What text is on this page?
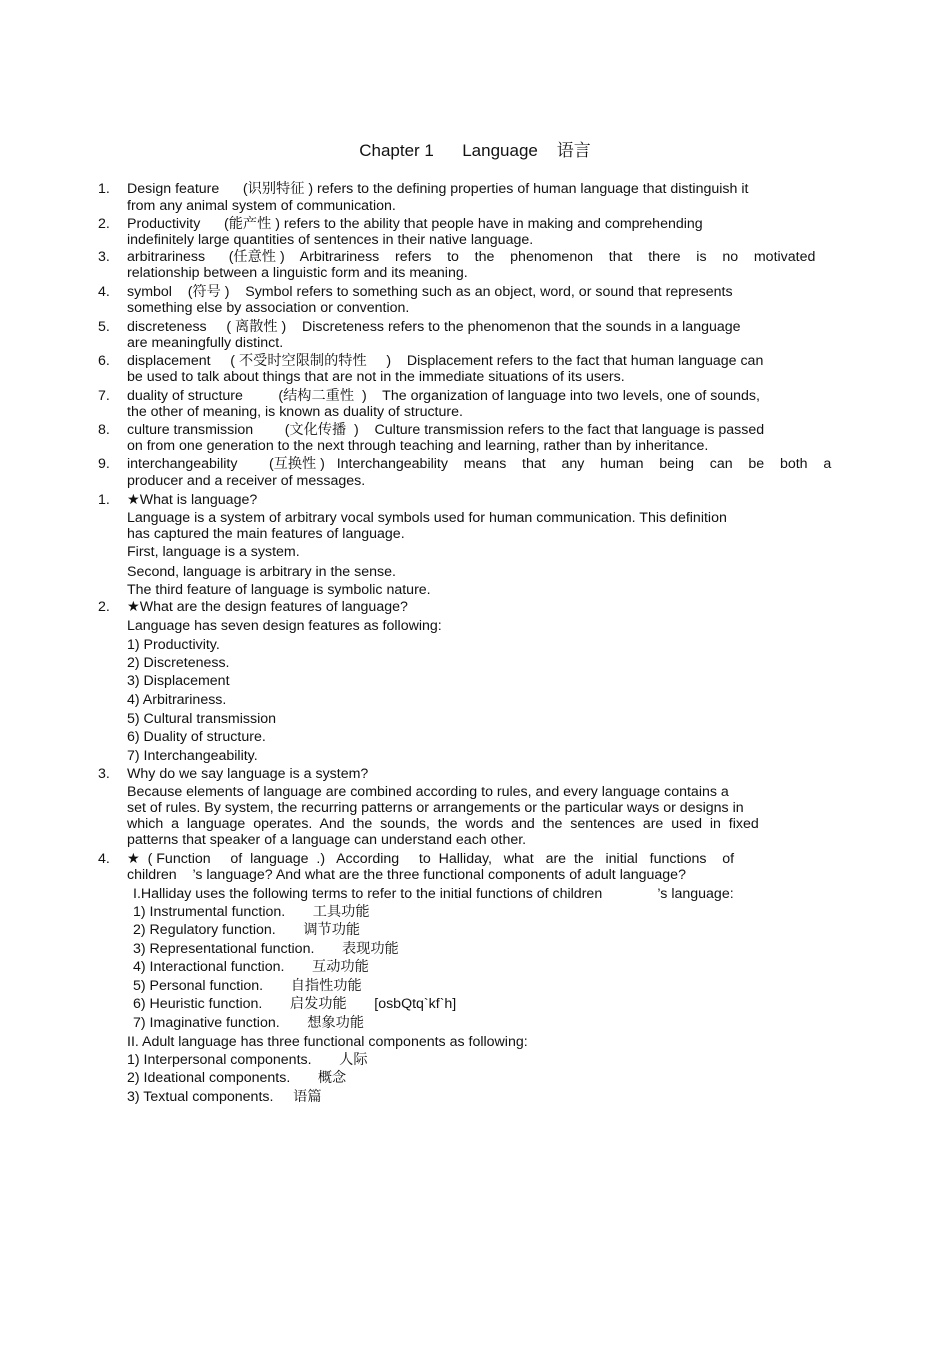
Chapter 1      Language    语言
1. Design feature      (识别特征 ) refers to the defining properties of human language that distinguish it
from any animal system of communication.
2. Productivity      (能产性 ) refers to the ability that people have in making and comprehending
indefinitely large quantities of sentences in their native language.
3. arbitrariness      (任意性 )    Arbitrariness    refers    to    the    phenomenon    that    there    is    no    motivated
relationship between a linguistic form and its meaning.
4. symbol    (符号 )    Symbol refers to something such as an object, word, or sound that represents
something else by association or convention.
5. discreteness     ( 离散性 )    Discreteness refers to the phenomenon that the sounds in a language
are meaningfully distinct.
6. displacement     ( 不受时空限制的特性     )    Displacement refers to the fact that human language can
be used to talk about things that are not in the immediate situations of its users.
7. duality of structure         (结构二重性  )    The organization of language into two levels, one of sounds,
the other of meaning, is known as duality of structure.
8. culture transmission        (文化传播  )    Culture transmission refers to the fact that language is passed
on from one generation to the next through teaching and learning, rather than by inheritance.
9. interchangeability        (互换性 )   Interchangeability    means    that    any    human    being    can    be    both    a
producer and a receiver of messages.
1. ★What is language?
Language is a system of arbitrary vocal symbols used for human communication. This definition
has captured the main features of language.
First, language is a system.
Second, language is arbitrary in the sense.
The third feature of language is symbolic nature.
2. ★What are the design features of language?
Language has seven design features as following:
1) Productivity.
2) Discreteness.
3) Displacement
4) Arbitrariness.
5) Cultural transmission
6) Duality of structure.
7) Interchangeability.
3. Why do we say language is a system?
Because elements of language are combined according to rules, and every language contains a
set of rules. By system, the recurring patterns or arrangements or the particular ways or designs in
which  a  language  operates.  And  the  sounds,  the  words  and  the  sentences  are  used  in  fixed
patterns that speaker of a language can understand each other.
4. ★  ( Function     of  language  .)   According     to  Halliday,   what   are  the   initial   functions    of
children    ’s language? And what are the three functional components of adult language?
I.Halliday uses the following terms to refer to the initial functions of children              ’s language:
1) Instrumental function.       工具功能
2) Regulatory function.       调节功能
3) Representational function.       表现功能
4) Interactional function.       互动功能
5) Personal function.       自指性功能
6) Heuristic function.       启发功能       [osbQtq`kf`h]
7) Imaginative function.       想象功能
II. Adult language has three functional components as following:
1) Interpersonal components.       人际
2) Ideational components.       概念
3) Textual components.     语篇
